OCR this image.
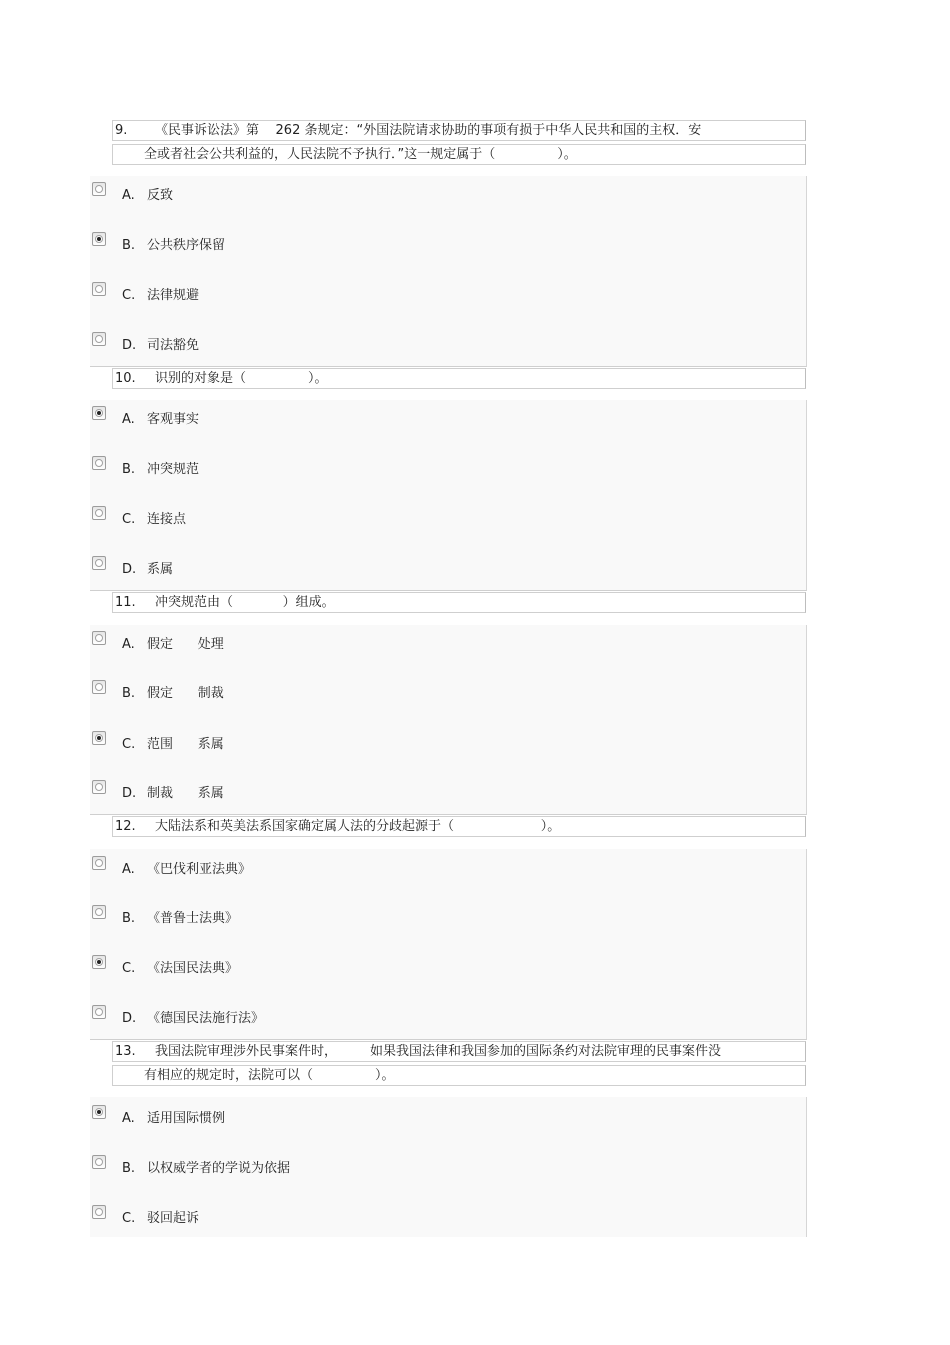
9. 《民事诉讼法》第    262 条规定：“外国法院请求协助的事项有损于中华人民共和国的主权．安
全或者社会公共利益的，人民法院不予执行．”这一规定属于（               ）。
A. 反致
B. 公共秩序保留
C. 法律规避
D. 司法豁免
10. 识别的对象是（               ）。
A. 客观事实
B. 冲突规范
C. 连接点
D. 系属
11. 冲突规范由（            ）组成。
A. 假定      处理
B. 假定      制裁
C. 范围      系属
D. 制裁      系属
12. 大陆法系和英美法系国家确定属人法的分歧起源于（                     ）。
A. 《巴伐利亚法典》
B. 《普鲁士法典》
C. 《法国民法典》
D. 《德国民法施行法》
13. 我国法院审理涉外民事案件时，        如果我国法律和我国参加的国际条约对法院审理的民事案件没
有相应的规定时，法院可以（               ）。
A. 适用国际惯例
B. 以权威学者的学说为依据
C. 驳回起诉
